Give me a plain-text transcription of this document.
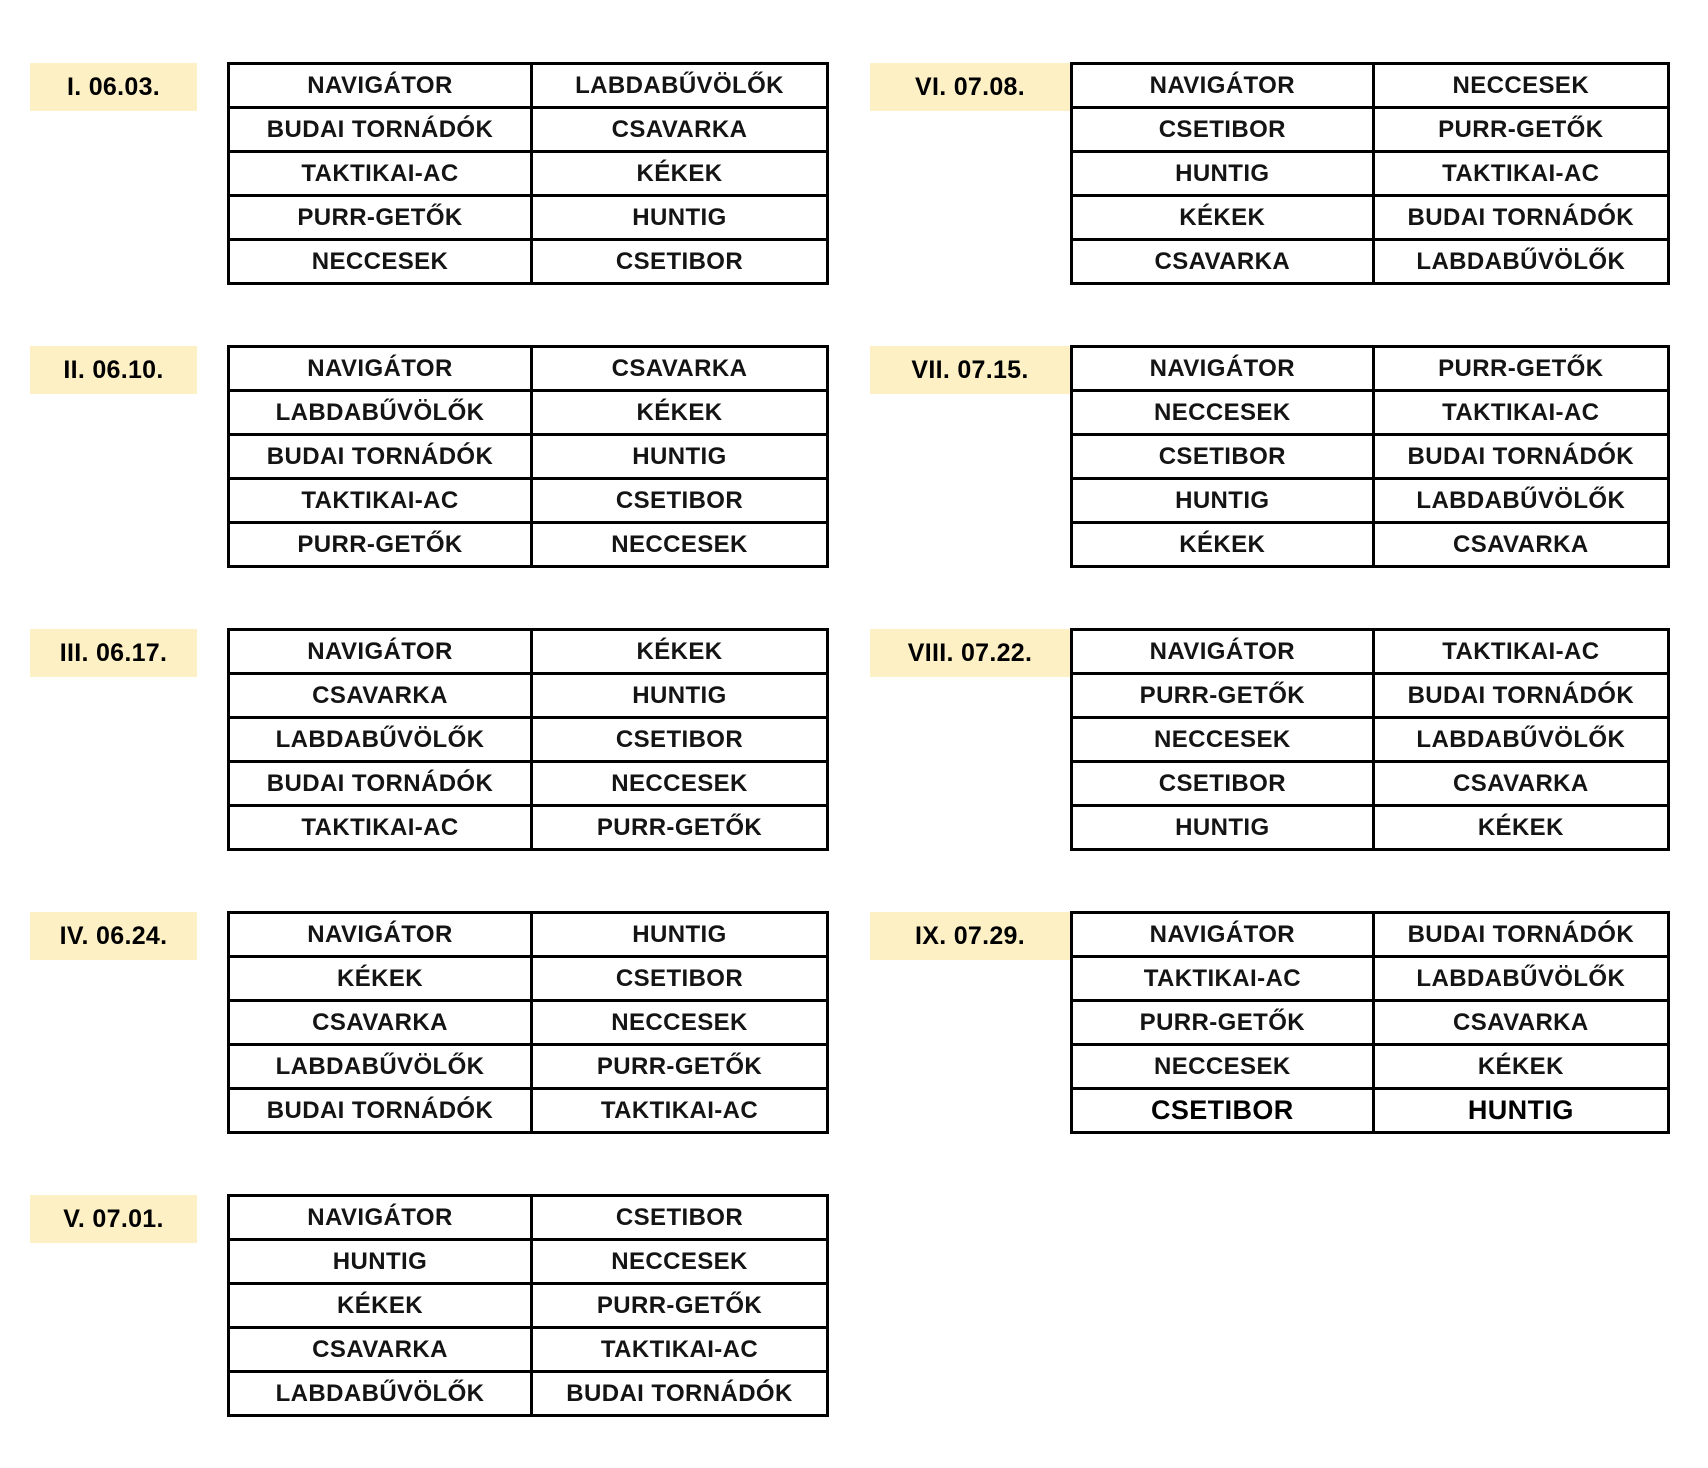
I. 06.03.	NAVIGÁTOR	LABDABŰVÖLŐK
BUDAI TORNÁDÓK	CSAVARKA
TAKTIKAI-AC	KÉKEK
PURR-GETŐK	HUNTIG
NECCESEK	CSETIBOR
II. 06.10.	NAVIGÁTOR	CSAVARKA
LABDABŰVÖLŐK	KÉKEK
BUDAI TORNÁDÓK	HUNTIG
TAKTIKAI-AC	CSETIBOR
PURR-GETŐK	NECCESEK
III. 06.17.	NAVIGÁTOR	KÉKEK
CSAVARKA	HUNTIG
LABDABŰVÖLŐK	CSETIBOR
BUDAI TORNÁDÓK	NECCESEK
TAKTIKAI-AC	PURR-GETŐK
IV. 06.24.	NAVIGÁTOR	HUNTIG
KÉKEK	CSETIBOR
CSAVARKA	NECCESEK
LABDABŰVÖLŐK	PURR-GETŐK
BUDAI TORNÁDÓK	TAKTIKAI-AC
V. 07.01.	NAVIGÁTOR	CSETIBOR
HUNTIG	NECCESEK
KÉKEK	PURR-GETŐK
CSAVARKA	TAKTIKAI-AC
LABDABŰVÖLŐK	BUDAI TORNÁDÓK
VI. 07.08.	NAVIGÁTOR	NECCESEK
CSETIBOR	PURR-GETŐK
HUNTIG	TAKTIKAI-AC
KÉKEK	BUDAI TORNÁDÓK
CSAVARKA	LABDABŰVÖLŐK
VII. 07.15.	NAVIGÁTOR	PURR-GETŐK
NECCESEK	TAKTIKAI-AC
CSETIBOR	BUDAI TORNÁDÓK
HUNTIG	LABDABŰVÖLŐK
KÉKEK	CSAVARKA
VIII. 07.22.	NAVIGÁTOR	TAKTIKAI-AC
PURR-GETŐK	BUDAI TORNÁDÓK
NECCESEK	LABDABŰVÖLŐK
CSETIBOR	CSAVARKA
HUNTIG	KÉKEK
IX. 07.29.	NAVIGÁTOR	BUDAI TORNÁDÓK
TAKTIKAI-AC	LABDABŰVÖLŐK
PURR-GETŐK	CSAVARKA
NECCESEK	KÉKEK
CSETIBOR	HUNTIG
